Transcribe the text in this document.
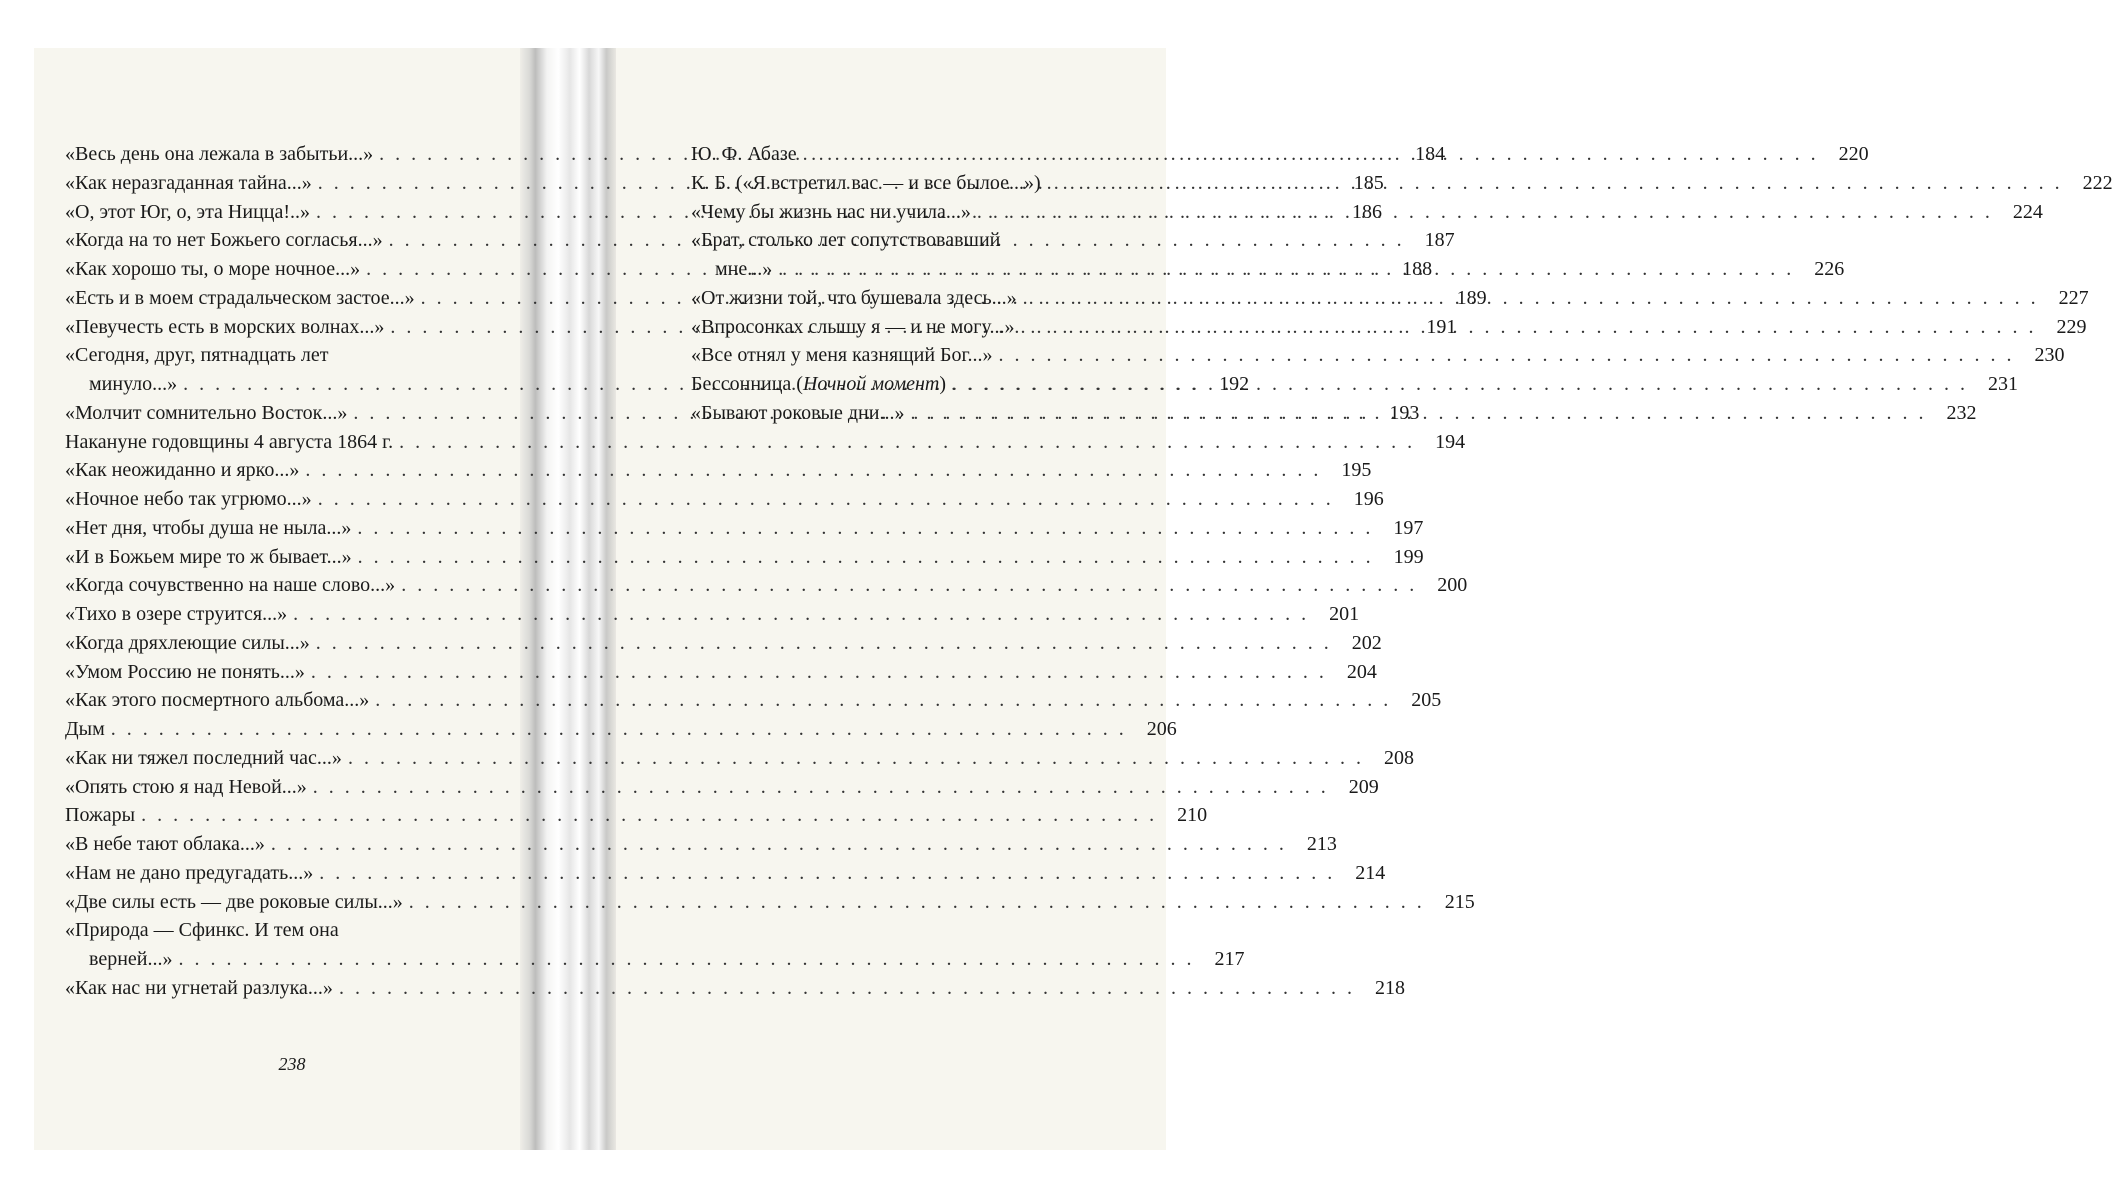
«Весь день она лежала в забытьи...» . . .	184
«Как неразгаданная тайна...» . . .	185
«О, этот Юг, о, эта Ницца!..» . . .	186
«Когда на то нет Божьего согласья...» . . .	187
«Как хорошо ты, о море ночное...» . . .	188
«Есть и в моем страдальческом застое...» . . .	189
«Певучесть есть в морских волнах...» . . .	191
«Сегодня, друг, пятнадцать лет
минуло...» . . .	192
«Молчит сомнительно Восток...» . . .	193
Накануне годовщины 4 августа 1864 г. . . .	194
«Как неожиданно и ярко...» . . .	195
«Ночное небо так угрюмо...» . . .	196
«Нет дня, чтобы душа не ныла...» . . .	197
«И в Божьем мире то ж бывает...» . . .	199
«Когда сочувственно на наше слово...» . . .	200
«Тихо в озере струится...» . . .	201
«Когда дряхлеющие силы...» . . .	202
«Умом Россию не понять...» . . .	204
«Как этого посмертного альбома...» . . .	205
Дым . . .	206
«Как ни тяжел последний час...» . . .	208
«Опять стою я над Невой...» . . .	209
Пожары . . .	210
«В небе тают облака...» . . .	213
«Нам не дано предугадать...» . . .	214
«Две силы есть — две роковые силы...» . . .	215
«Природа — Сфинкс. И тем она
верней...» . . .	217
«Как нас ни угнетай разлука...» . . .	218
238
Ю. Ф. Абазе . . .	220
К. Б. («Я встретил вас — и все былое...») . . .	222
«Чему бы жизнь нас ни учила...» . . .	224
«Брат, столько лет сопутствовавший
мне...» . . .	226
«От жизни той, что бушевала здесь...» . . .	227
«Впросонках слышу я — и не могу...» . . .	229
«Все отнял у меня казнящий Бог...» . . .	230
Бессонница (Ночной момент) . . .	231
«Бывают роковые дни...» . . .	232
